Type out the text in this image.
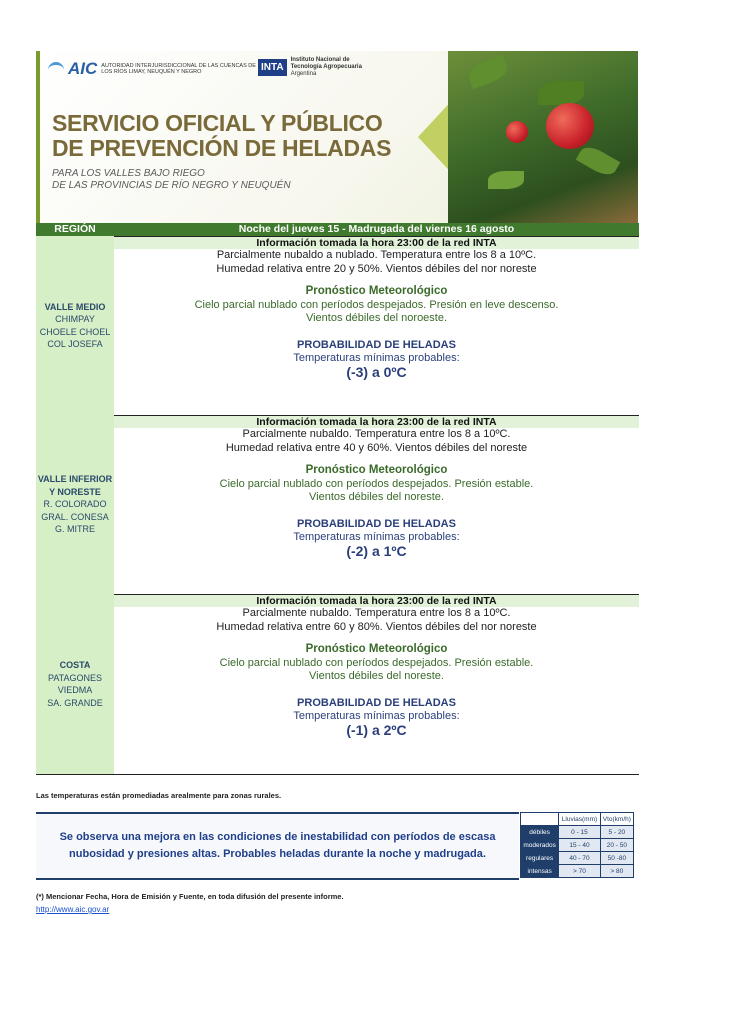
AIC AUTORIDAD INTERJURISDICCIONAL DE LAS CUENCAS DE LOS RÍOS LIMAY, NEUQUÉN Y NEGRO	INTA
Instituto Nacional de
Tecnología Agropecuaria
Argentina
SERVICIO OFICIAL Y PÚBLICO
DE PREVENCIÓN DE HELADAS
PARA LOS VALLES BAJO RIEGO
DE LAS PROVINCIAS DE RÍO NEGRO Y NEUQUÉN
REGIÓN	Noche del jueves 15 - Madrugada del viernes 16 agosto
VALLE MEDIO
CHIMPAY
CHOELE CHOEL
COL JOSEFA
Información tomada la hora 23:00 de la red INTA
Parcialmente nubaldo a nublado. Temperatura entre los 8 a 10ºC.
Humedad relativa entre 20 y 50%. Vientos débiles del nor noreste
Pronóstico Meteorológico
Cielo parcial nublado con períodos despejados. Presión en leve descenso.
Vientos débiles del noroeste.
PROBABILIDAD DE HELADAS
Temperaturas mínimas probables:
(-3) a 0ºC
VALLE INFERIOR
Y NORESTE
R. COLORADO
GRAL. CONESA
G. MITRE
Información tomada la hora 23:00 de la red INTA
Parcialmente nubaldo. Temperatura entre los 8 a 10ºC.
Humedad relativa entre 40 y 60%. Vientos débiles del noreste
Pronóstico Meteorológico
Cielo parcial nublado con períodos despejados. Presión estable.
Vientos débiles del noreste.
PROBABILIDAD DE HELADAS
Temperaturas mínimas probables:
(-2) a 1ºC
COSTA
PATAGONES
VIEDMA
SA. GRANDE
Información tomada la hora 23:00 de la red INTA
Parcialmente nubaldo. Temperatura entre los 8 a 10ºC.
Humedad relativa entre 60 y 80%. Vientos débiles del nor noreste
Pronóstico Meteorológico
Cielo parcial nublado con períodos despejados. Presión estable.
Vientos débiles del noreste.
PROBABILIDAD DE HELADAS
Temperaturas mínimas probables:
(-1) a 2ºC
Las temperaturas están promediadas arealmente para zonas rurales.
Se observa una mejora en las condiciones de inestabilidad con períodos de escasa
nubosidad y presiones altas. Probables heladas durante la noche y madrugada.
	Lluvias(mm)	Vto(km/h)
débiles	0 - 15	5 - 20
moderados	15 - 40	20 - 50
regulares	40 - 70	50 -80
intensas	> 70	> 80
(*) Mencionar Fecha, Hora de Emisión y Fuente, en toda difusión del presente informe.
http://www.aic.gov.ar
